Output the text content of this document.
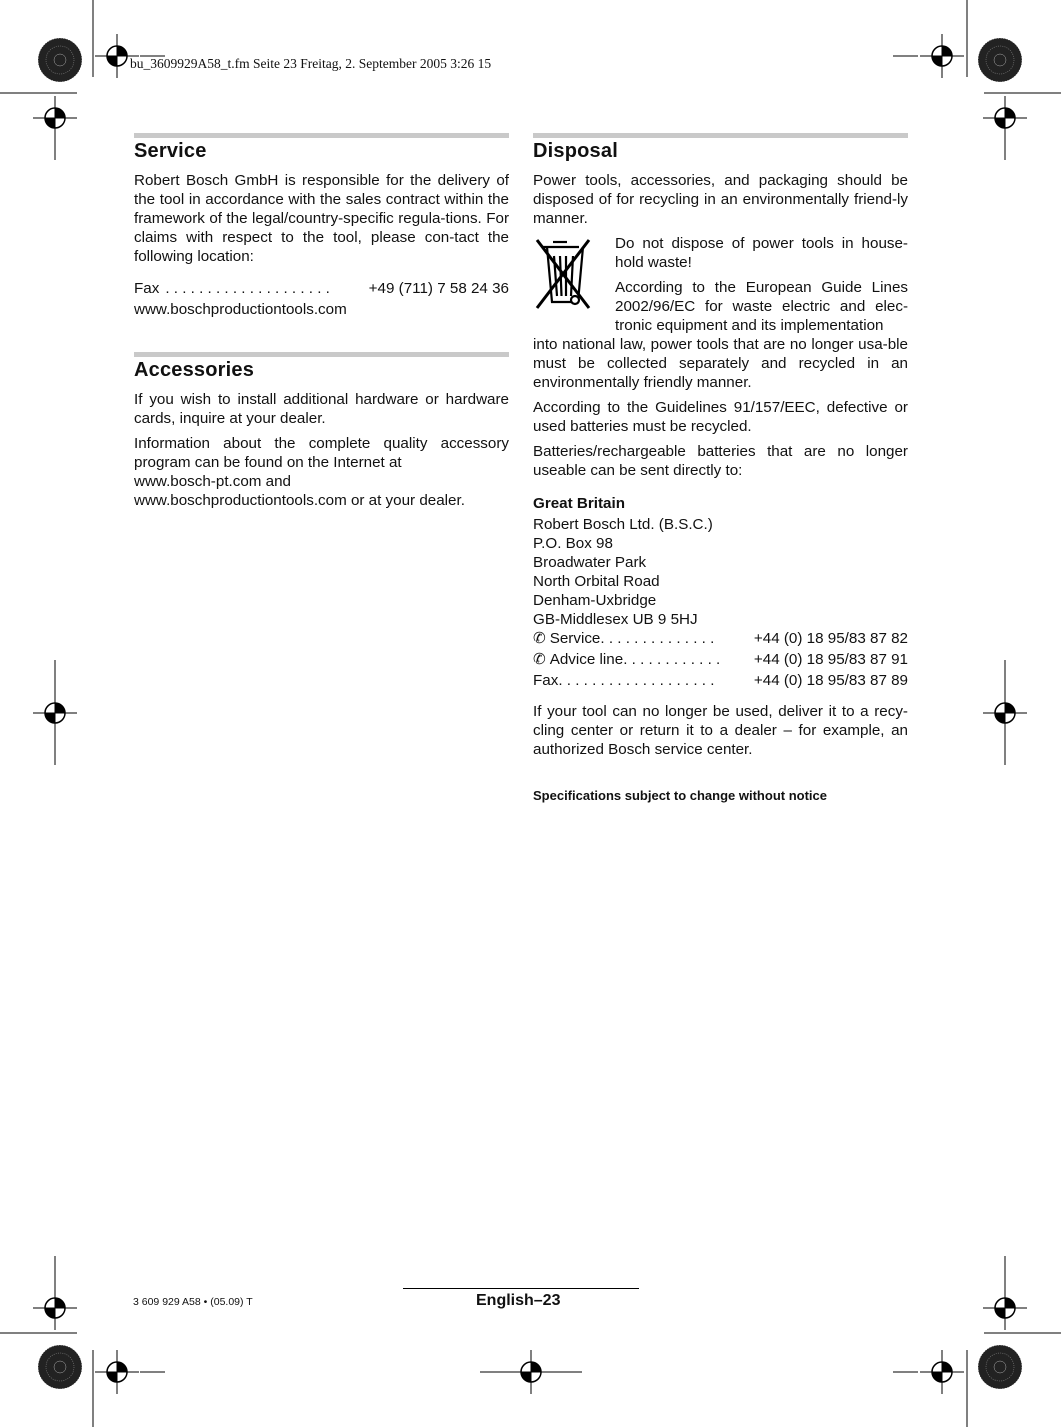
bu_3609929A58_t.fm Seite 23 Freitag, 2. September 2005 3:26 15
Service

Robert Bosch GmbH is responsible for the delivery of the tool in accordance with the sales contract within the framework of the legal/country-specific regula-tions. For claims with respect to the tool, please con-tact the following location:

Fax . . . . . . . . . . . . . . . . . . . .	+49 (711) 7 58 24 36
www.boschproductiontools.com
Accessories

If you wish to install additional hardware or hardware cards, inquire at your dealer.

Information about the complete quality accessory program can be found on the Internet at

www.bosch-pt.com and
www.boschproductiontools.com or at your dealer.
Disposal

Power tools, accessories, and packaging should be disposed of for recycling in an environmentally friend-ly manner.

Do not dispose of power tools in house-hold waste!

According to the European Guide Lines 2002/96/EC for waste electric and elec-tronic equipment and its implementation

into national law, power tools that are no longer usa-ble must be collected separately and recycled in an environmentally friendly manner.

According to the Guidelines 91/157/EEC, defective or used batteries must be recycled.

Batteries/rechargeable batteries that are no longer useable can be sent directly to:

Great Britain
Robert Bosch Ltd. (B.S.C.)
P.O. Box 98
Broadwater Park
North Orbital Road
Denham-Uxbridge
GB-Middlesex UB 9 5HJ
✆ Service . . . . . . . . . . . . . .	+44 (0) 18 95/83 87 82
✆ Advice line . . . . . . . . . . . .	+44 (0) 18 95/83 87 91
Fax . . . . . . . . . . . . . . . . . . .	+44 (0) 18 95/83 87 89

If your tool can no longer be used, deliver it to a recy-cling center or return it to a dealer – for example, an authorized Bosch service center.

Specifications subject to change without notice
3 609 929 A58 • (05.09) T	English–23
